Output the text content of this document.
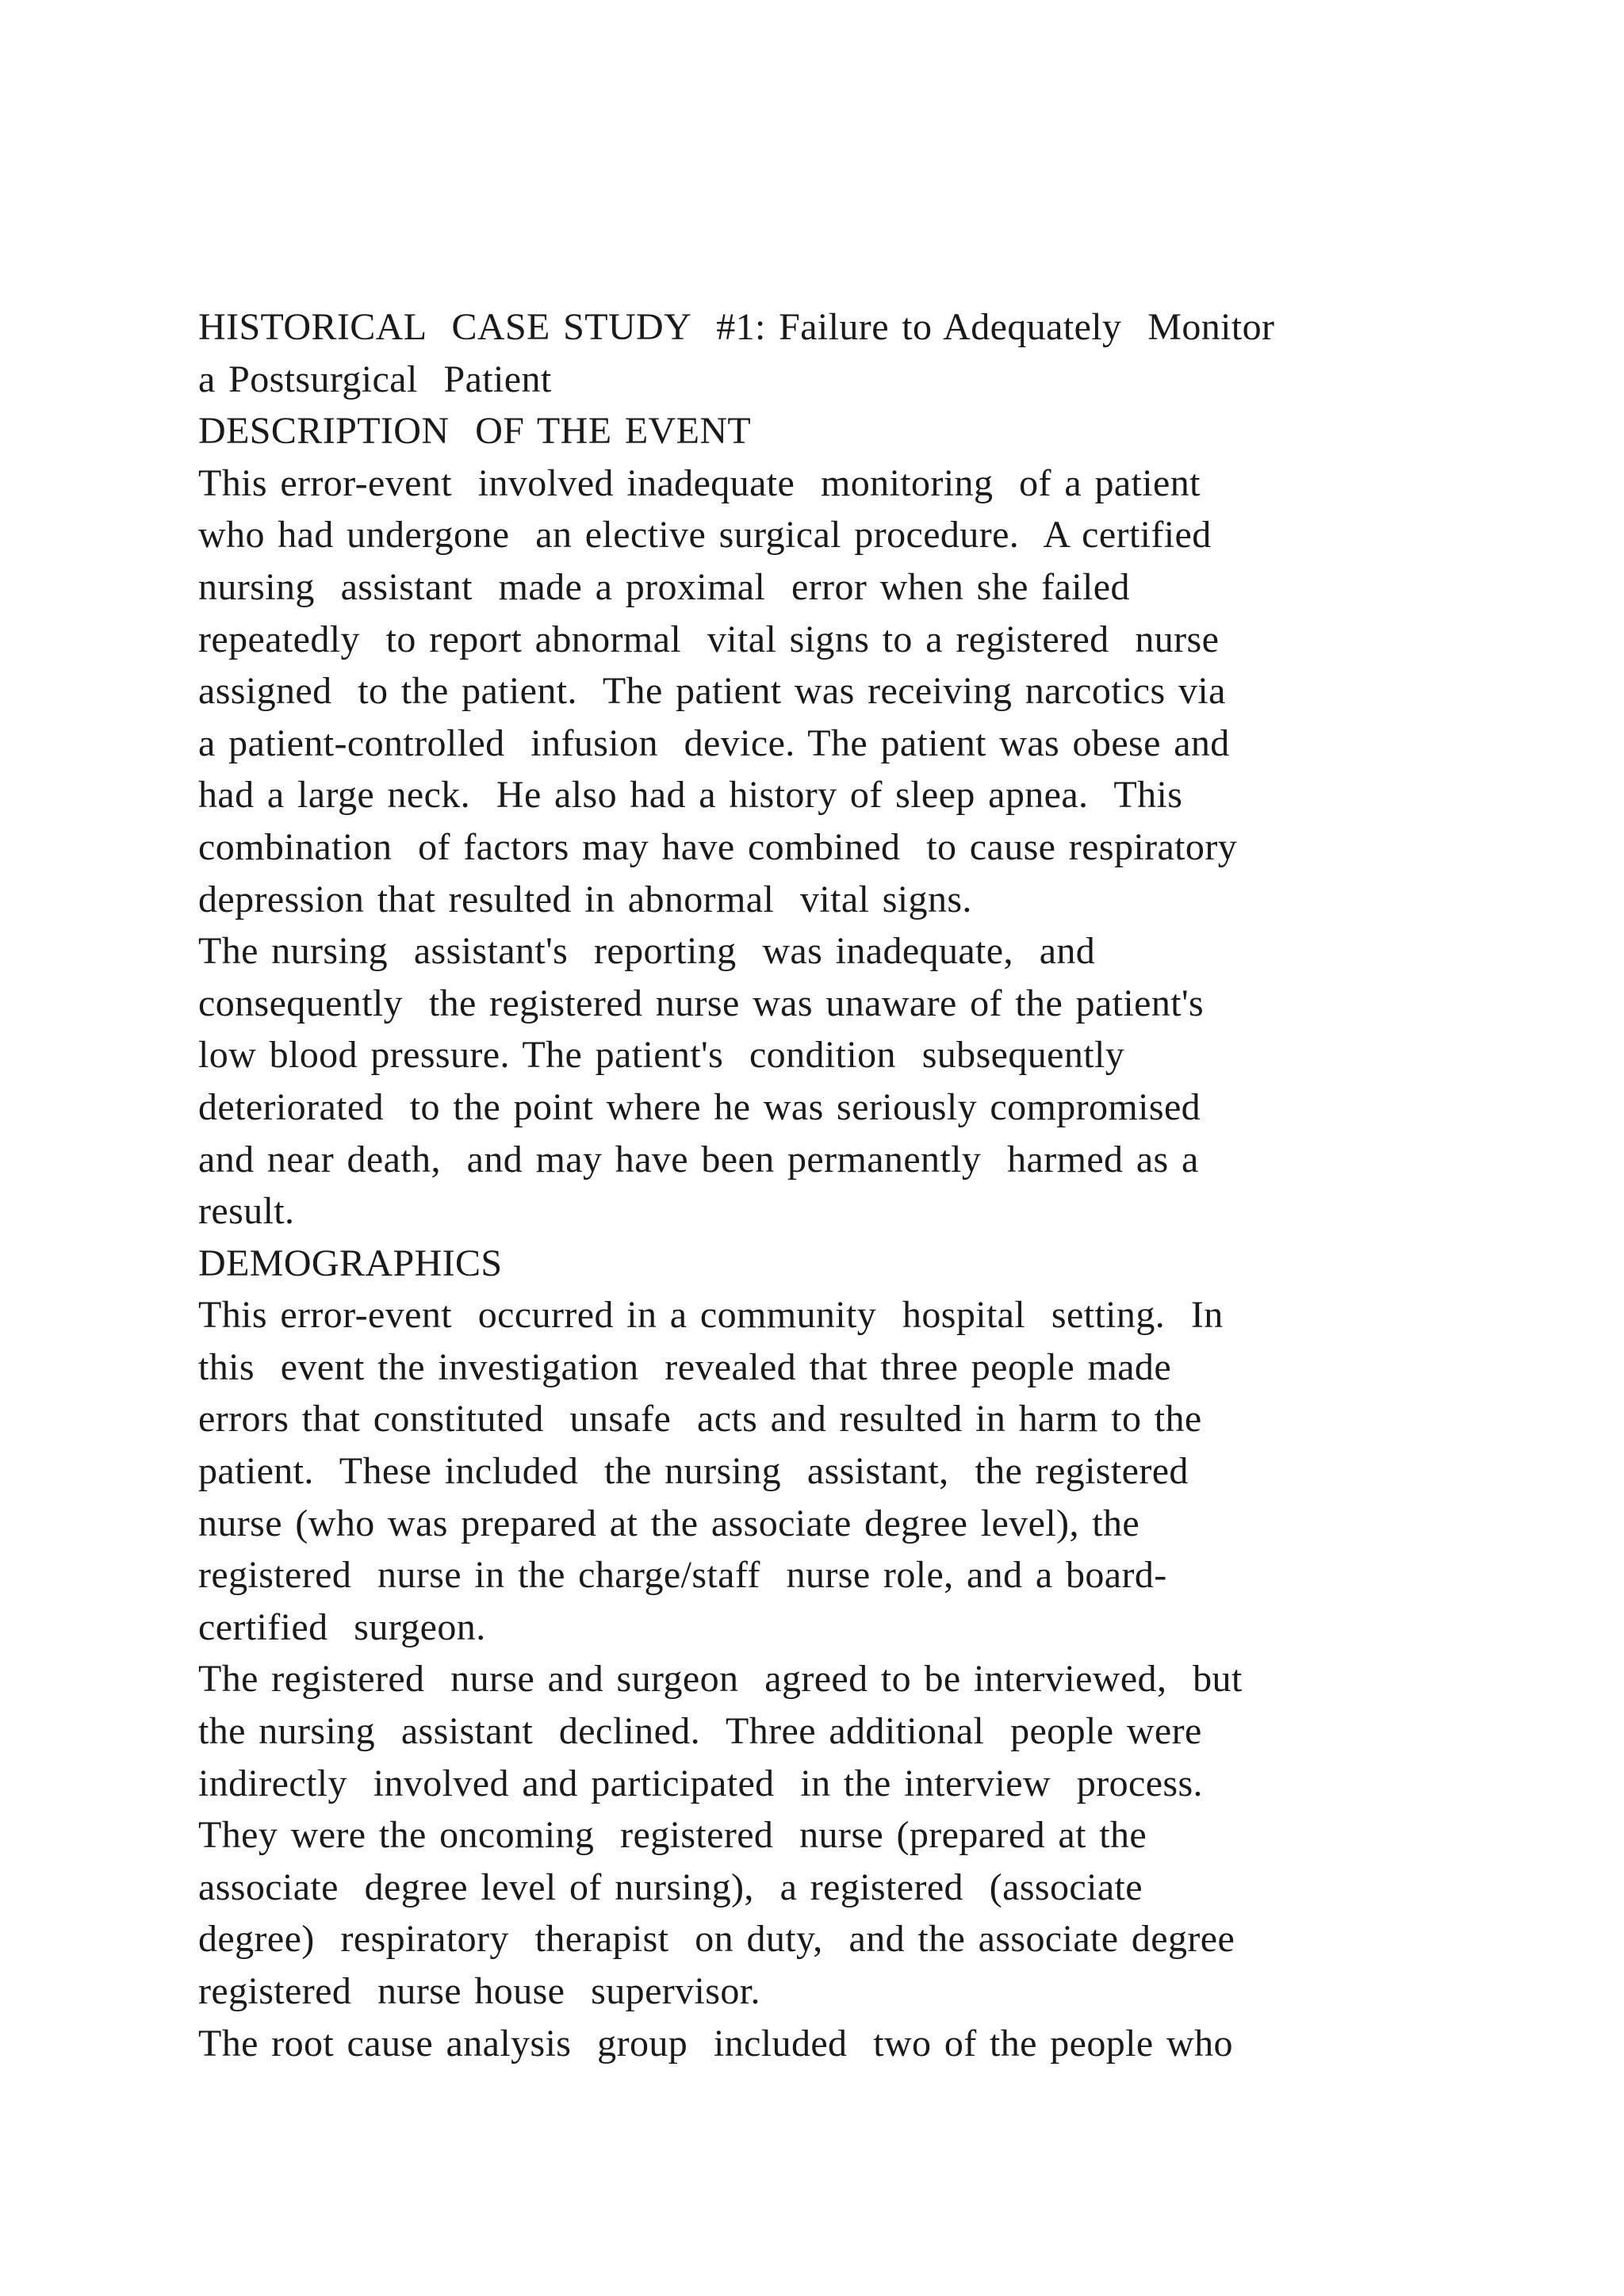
HISTORICAL  CASE STUDY  #1: Failure to Adequately  Monitor
a Postsurgical  Patient
DESCRIPTION  OF THE EVENT
This error-event  involved inadequate  monitoring  of a patient
who had undergone  an elective surgical procedure.  A certified
nursing  assistant  made a proximal  error when she failed
repeatedly  to report abnormal  vital signs to a registered  nurse
assigned  to the patient.  The patient was receiving narcotics via
a patient-controlled  infusion  device. The patient was obese and
had a large neck.  He also had a history of sleep apnea.  This
combination  of factors may have combined  to cause respiratory
depression that resulted in abnormal  vital signs.
The nursing  assistant's  reporting  was inadequate,  and
consequently  the registered nurse was unaware of the patient's
low blood pressure. The patient's  condition  subsequently
deteriorated  to the point where he was seriously compromised
and near death,  and may have been permanently  harmed as a
result.
DEMOGRAPHICS
This error-event  occurred in a community  hospital  setting.  In
this  event the investigation  revealed that three people made
errors that constituted  unsafe  acts and resulted in harm to the
patient.  These included  the nursing  assistant,  the registered
nurse (who was prepared at the associate degree level), the
registered  nurse in the charge/staff  nurse role, and a board-
certified  surgeon.
The registered  nurse and surgeon  agreed to be interviewed,  but
the nursing  assistant  declined.  Three additional  people were
indirectly  involved and participated  in the interview  process.
They were the oncoming  registered  nurse (prepared at the
associate  degree level of nursing),  a registered  (associate
degree)  respiratory  therapist  on duty,  and the associate degree
registered  nurse house  supervisor.
The root cause analysis  group  included  two of the people who
